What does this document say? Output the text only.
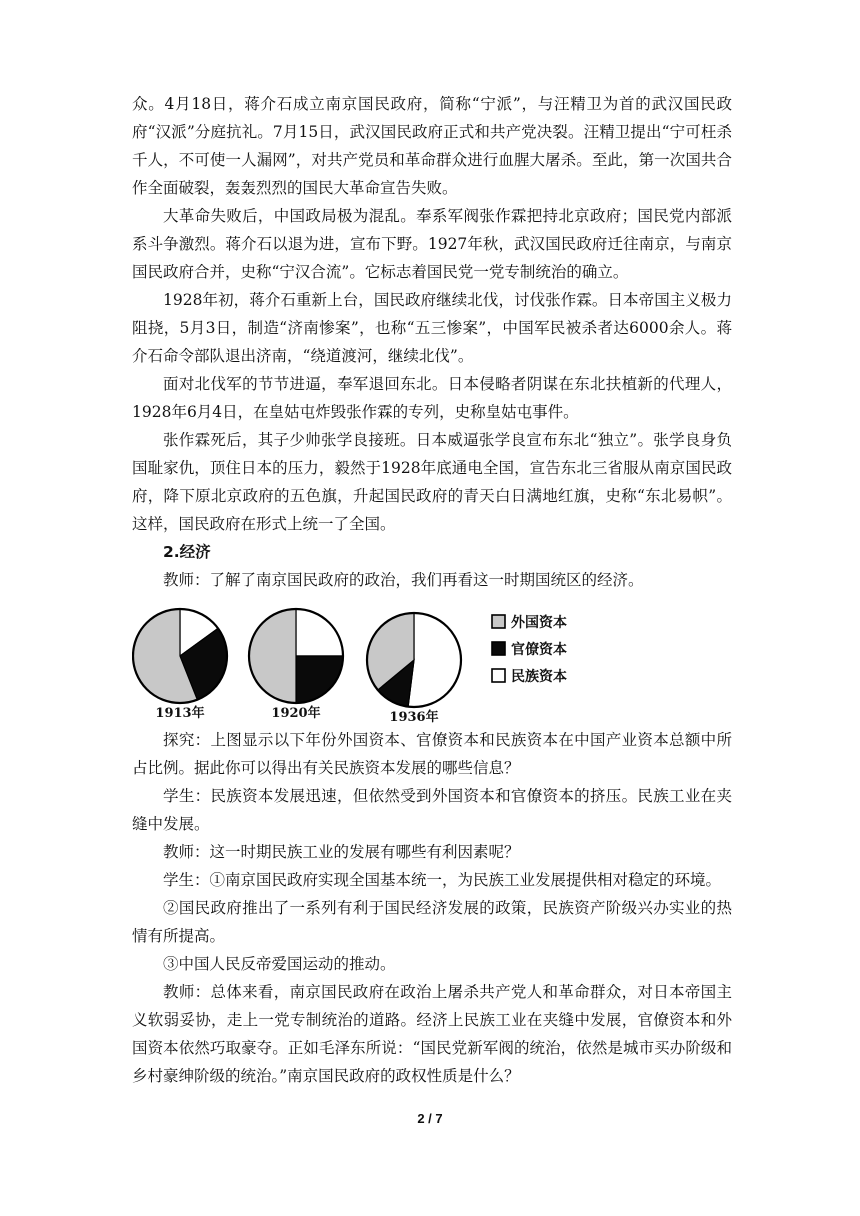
众。4月18日，蒋介石成立南京国民政府，简称“宁派”，与汪精卫为首的武汉国民政府“汉派”分庭抗礼。7月15日，武汉国民政府正式和共产党决裂。汪精卫提出“宁可枉杀千人，不可使一人漏网”，对共产党员和革命群众进行血腥大屠杀。至此，第一次国共合作全面破裂，轰轰烈烈的国民大革命宣告失败。

大革命失败后，中国政局极为混乱。奉系军阀张作霖把持北京政府；国民党内部派系斗争激烈。蒋介石以退为进，宣布下野。1927年秋，武汉国民政府迁往南京，与南京国民政府合并，史称“宁汉合流”。它标志着国民党一党专制统治的确立。

1928年初，蒋介石重新上台，国民政府继续北伐，讨伐张作霖。日本帝国主义极力阻挠，5月3日，制造“济南惨案”，也称“五三惨案”，中国军民被杀者达6000余人。蒋介石命令部队退出济南，“绕道渡河，继续北伐”。

面对北伐军的节节进逼，奉军退回东北。日本侵略者阴谋在东北扶植新的代理人，1928年6月4日，在皇姑屯炸毁张作霖的专列，史称皇姑屯事件。

张作霖死后，其子少帅张学良接班。日本威逼张学良宣布东北“独立”。张学良身负国耻家仇，顶住日本的压力，毅然于1928年底通电全国，宣告东北三省服从南京国民政府，降下原北京政府的五色旗，升起国民政府的青天白日满地红旗，史称“东北易帜”。这样，国民政府在形式上统一了全国。

2.经济

教师：了解了南京国民政府的政治，我们再看这一时期国统区的经济。

1913年	1920年	1936年
外国资本
官僚资本
民族资本

探究：上图显示以下年份外国资本、官僚资本和民族资本在中国产业资本总额中所占比例。据此你可以得出有关民族资本发展的哪些信息？

学生：民族资本发展迅速，但依然受到外国资本和官僚资本的挤压。民族工业在夹缝中发展。

教师：这一时期民族工业的发展有哪些有利因素呢？

学生：①南京国民政府实现全国基本统一，为民族工业发展提供相对稳定的环境。

②国民政府推出了一系列有利于国民经济发展的政策，民族资产阶级兴办实业的热情有所提高。

③中国人民反帝爱国运动的推动。

教师：总体来看，南京国民政府在政治上屠杀共产党人和革命群众，对日本帝国主义软弱妥协，走上一党专制统治的道路。经济上民族工业在夹缝中发展，官僚资本和外国资本依然巧取豪夺。正如毛泽东所说：“国民党新军阀的统治，依然是城市买办阶级和乡村豪绅阶级的统治。”南京国民政府的政权性质是什么？

2 / 7
